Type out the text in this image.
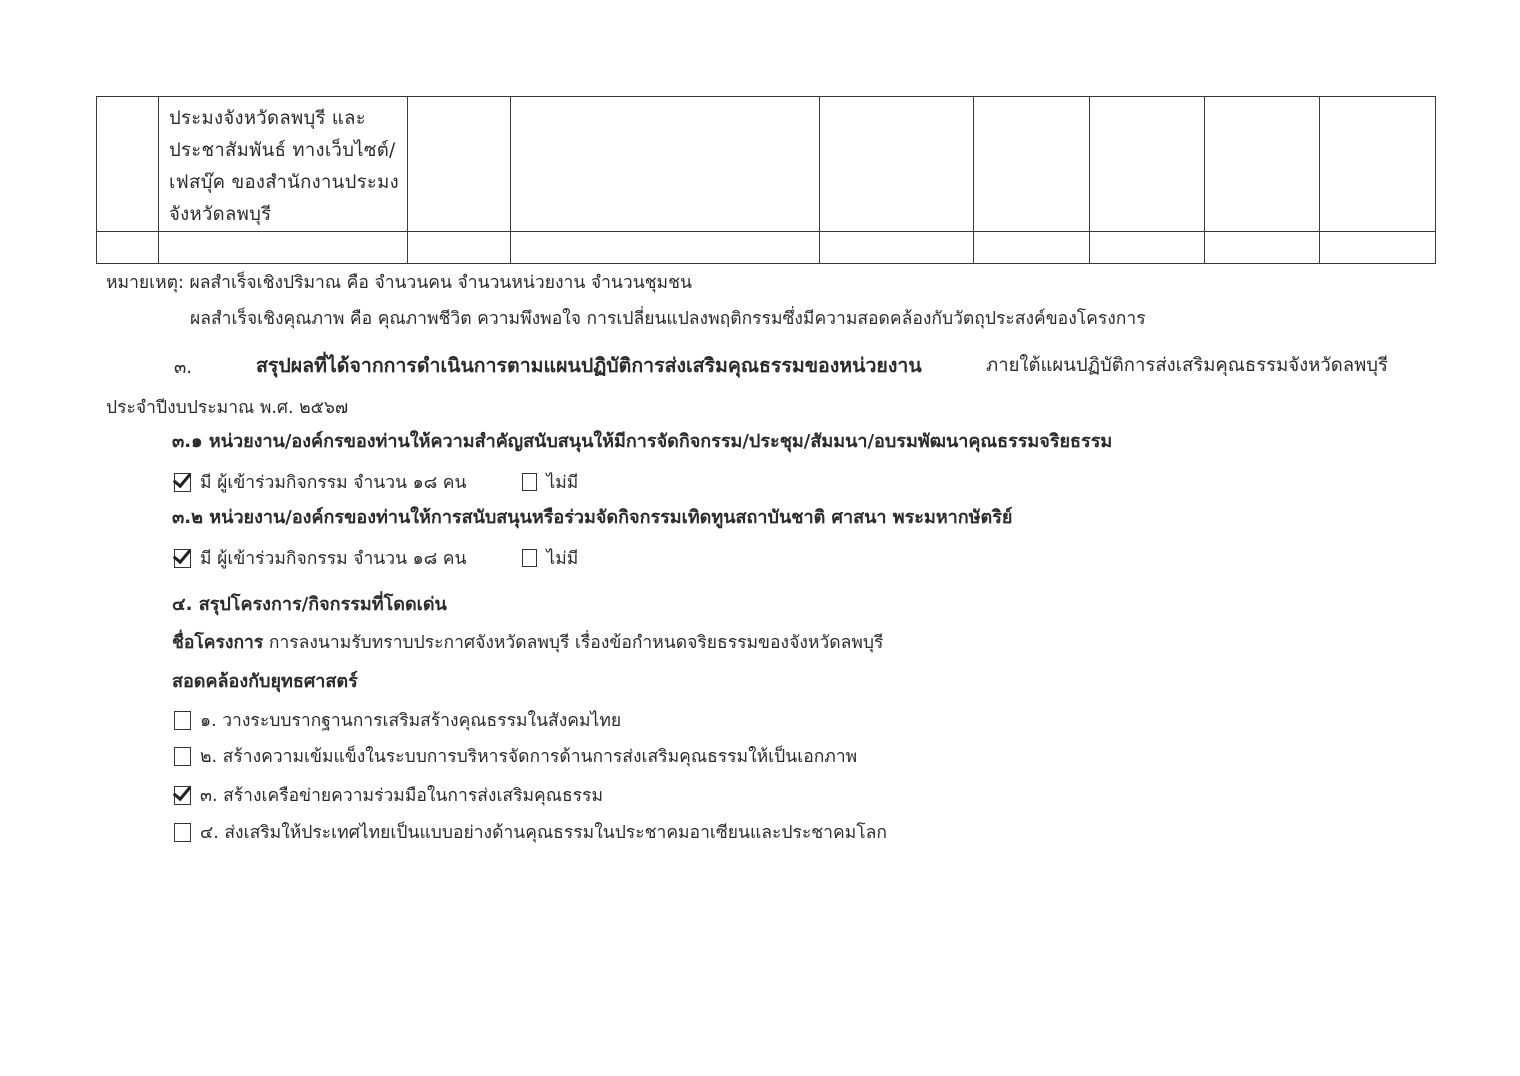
	ประมงจังหวัดลพบุรี และ
ประชาสัมพันธ์ ทางเว็บไซต์/
เฟสบุ๊ค ของสำนักงานประมง
จังหวัดลพบุรี							

หมายเหตุ: ผลสำเร็จเชิงปริมาณ คือ จำนวนคน จำนวนหน่วยงาน จำนวนชุมชน
ผลสำเร็จเชิงคุณภาพ คือ คุณภาพชีวิต ความพึงพอใจ การเปลี่ยนแปลงพฤติกรรมซึ่งมีความสอดคล้องกับวัตถุประสงค์ของโครงการ
๓.	สรุปผลที่ได้จากการดำเนินการตามแผนปฏิบัติการส่งเสริมคุณธรรมของหน่วยงาน	ภายใต้แผนปฏิบัติการส่งเสริมคุณธรรมจังหวัดลพบุรี
ประจำปีงบประมาณ พ.ศ. ๒๕๖๗
๓.๑ หน่วยงาน/องค์กรของท่านให้ความสำคัญสนับสนุนให้มีการจัดกิจกรรม/ประชุม/สัมมนา/อบรมพัฒนาคุณธรรมจริยธรรม
มี ผู้เข้าร่วมกิจกรรม จำนวน ๑๘ คน	ไม่มี
๓.๒ หน่วยงาน/องค์กรของท่านให้การสนับสนุนหรือร่วมจัดกิจกรรมเทิดทูนสถาบันชาติ ศาสนา พระมหากษัตริย์
มี ผู้เข้าร่วมกิจกรรม จำนวน ๑๘ คน	ไม่มี
๔. สรุปโครงการ/กิจกรรมที่โดดเด่น
ชื่อโครงการ การลงนามรับทราบประกาศจังหวัดลพบุรี เรื่องข้อกำหนดจริยธรรมของจังหวัดลพบุรี
สอดคล้องกับยุทธศาสตร์
๑. วางระบบรากฐานการเสริมสร้างคุณธรรมในสังคมไทย
๒. สร้างความเข้มแข็งในระบบการบริหารจัดการด้านการส่งเสริมคุณธรรมให้เป็นเอกภาพ
๓. สร้างเครือข่ายความร่วมมือในการส่งเสริมคุณธรรม
๔. ส่งเสริมให้ประเทศไทยเป็นแบบอย่างด้านคุณธรรมในประชาคมอาเซียนและประชาคมโลก
